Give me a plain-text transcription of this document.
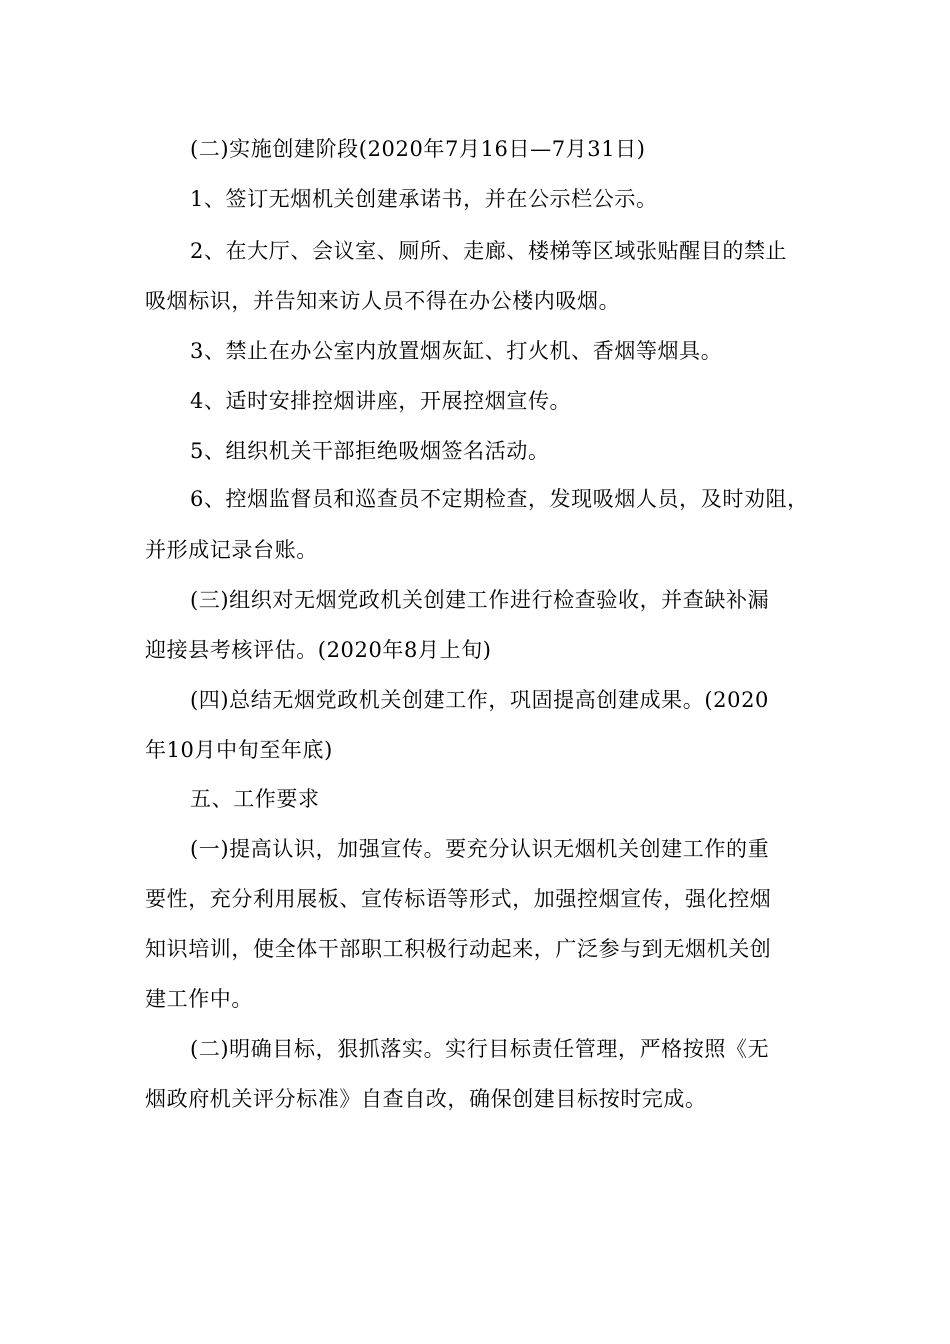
(二)实施创建阶段(2020年7月16日—7月31日)
1、签订无烟机关创建承诺书，并在公示栏公示。
2、在大厅、会议室、厕所、走廊、楼梯等区域张贴醒目的禁止
吸烟标识，并告知来访人员不得在办公楼内吸烟。
3、禁止在办公室内放置烟灰缸、打火机、香烟等烟具。
4、适时安排控烟讲座，开展控烟宣传。
5、组织机关干部拒绝吸烟签名活动。
6、控烟监督员和巡查员不定期检查，发现吸烟人员，及时劝阻，
并形成记录台账。
(三)组织对无烟党政机关创建工作进行检查验收，并查缺补漏
迎接县考核评估。(2020年8月上旬)
(四)总结无烟党政机关创建工作，巩固提高创建成果。(2020
年10月中旬至年底)
五、工作要求
(一)提高认识，加强宣传。要充分认识无烟机关创建工作的重
要性，充分利用展板、宣传标语等形式，加强控烟宣传，强化控烟
知识培训，使全体干部职工积极行动起来，广泛参与到无烟机关创
建工作中。
(二)明确目标，狠抓落实。实行目标责任管理，严格按照《无
烟政府机关评分标准》自查自改，确保创建目标按时完成。
